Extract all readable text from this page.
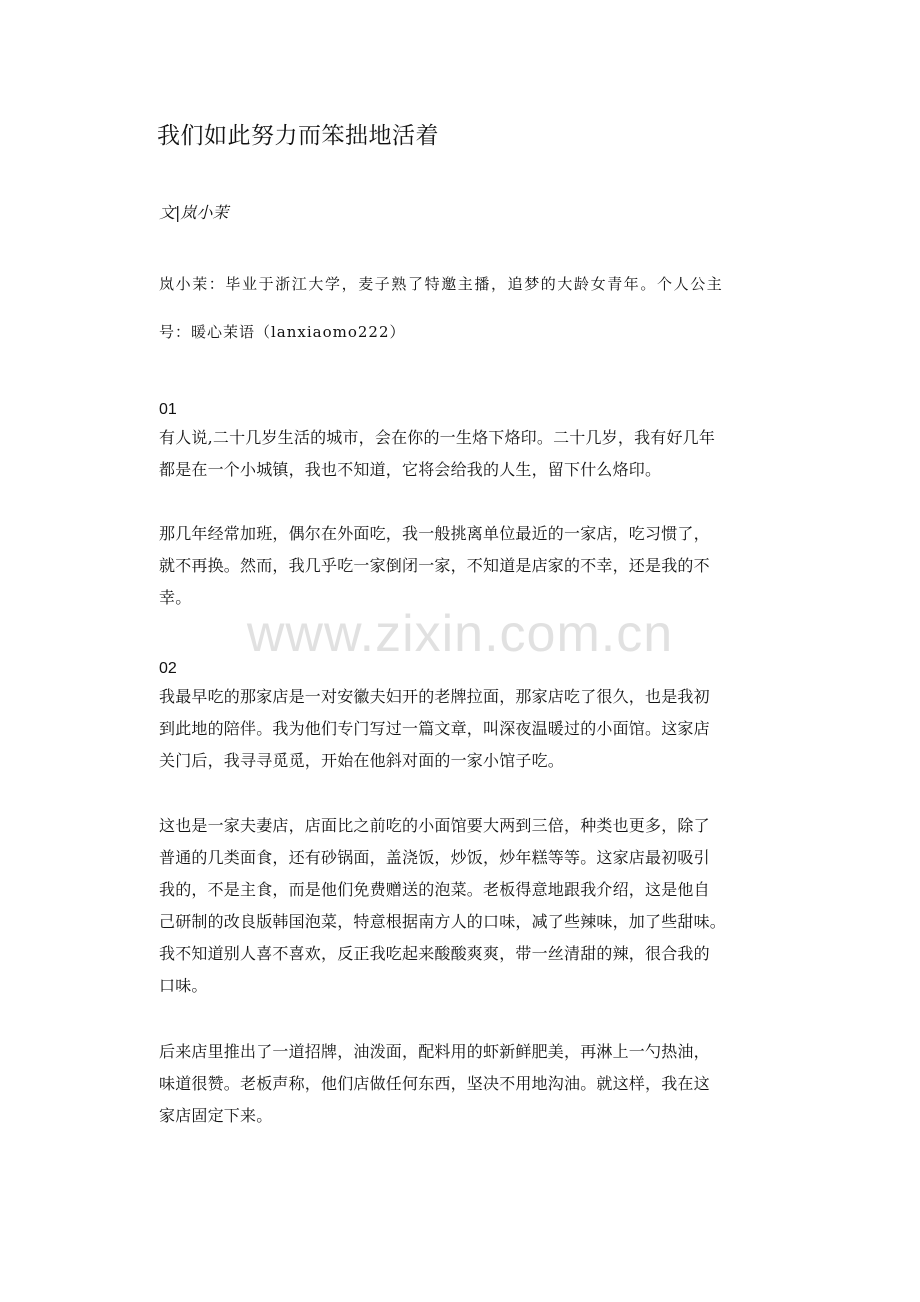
我们如此努力而笨拙地活着
文|岚小茉
岚小茉：毕业于浙江大学，麦子熟了特邀主播，追梦的大龄女青年。个人公主
号：暖心茉语（lanxiaomo222）
01
有人说,二十几岁生活的城市，会在你的一生烙下烙印。二十几岁，我有好几年
都是在一个小城镇，我也不知道，它将会给我的人生，留下什么烙印。
那几年经常加班，偶尔在外面吃，我一般挑离单位最近的一家店，吃习惯了，
就不再换。然而，我几乎吃一家倒闭一家，不知道是店家的不幸，还是我的不
幸。
02
我最早吃的那家店是一对安徽夫妇开的老牌拉面，那家店吃了很久，也是我初
到此地的陪伴。我为他们专门写过一篇文章，叫深夜温暖过的小面馆。这家店
关门后，我寻寻觅觅，开始在他斜对面的一家小馆子吃。
这也是一家夫妻店，店面比之前吃的小面馆要大两到三倍，种类也更多，除了
普通的几类面食，还有砂锅面，盖浇饭，炒饭，炒年糕等等。这家店最初吸引
我的，不是主食，而是他们免费赠送的泡菜。老板得意地跟我介绍，这是他自
己研制的改良版韩国泡菜，特意根据南方人的口味，减了些辣味，加了些甜味。
我不知道别人喜不喜欢，反正我吃起来酸酸爽爽，带一丝清甜的辣，很合我的
口味。
后来店里推出了一道招牌，油泼面，配料用的虾新鲜肥美，再淋上一勺热油，
味道很赞。老板声称，他们店做任何东西，坚决不用地沟油。就这样，我在这
家店固定下来。
www.zixin.com.cn
